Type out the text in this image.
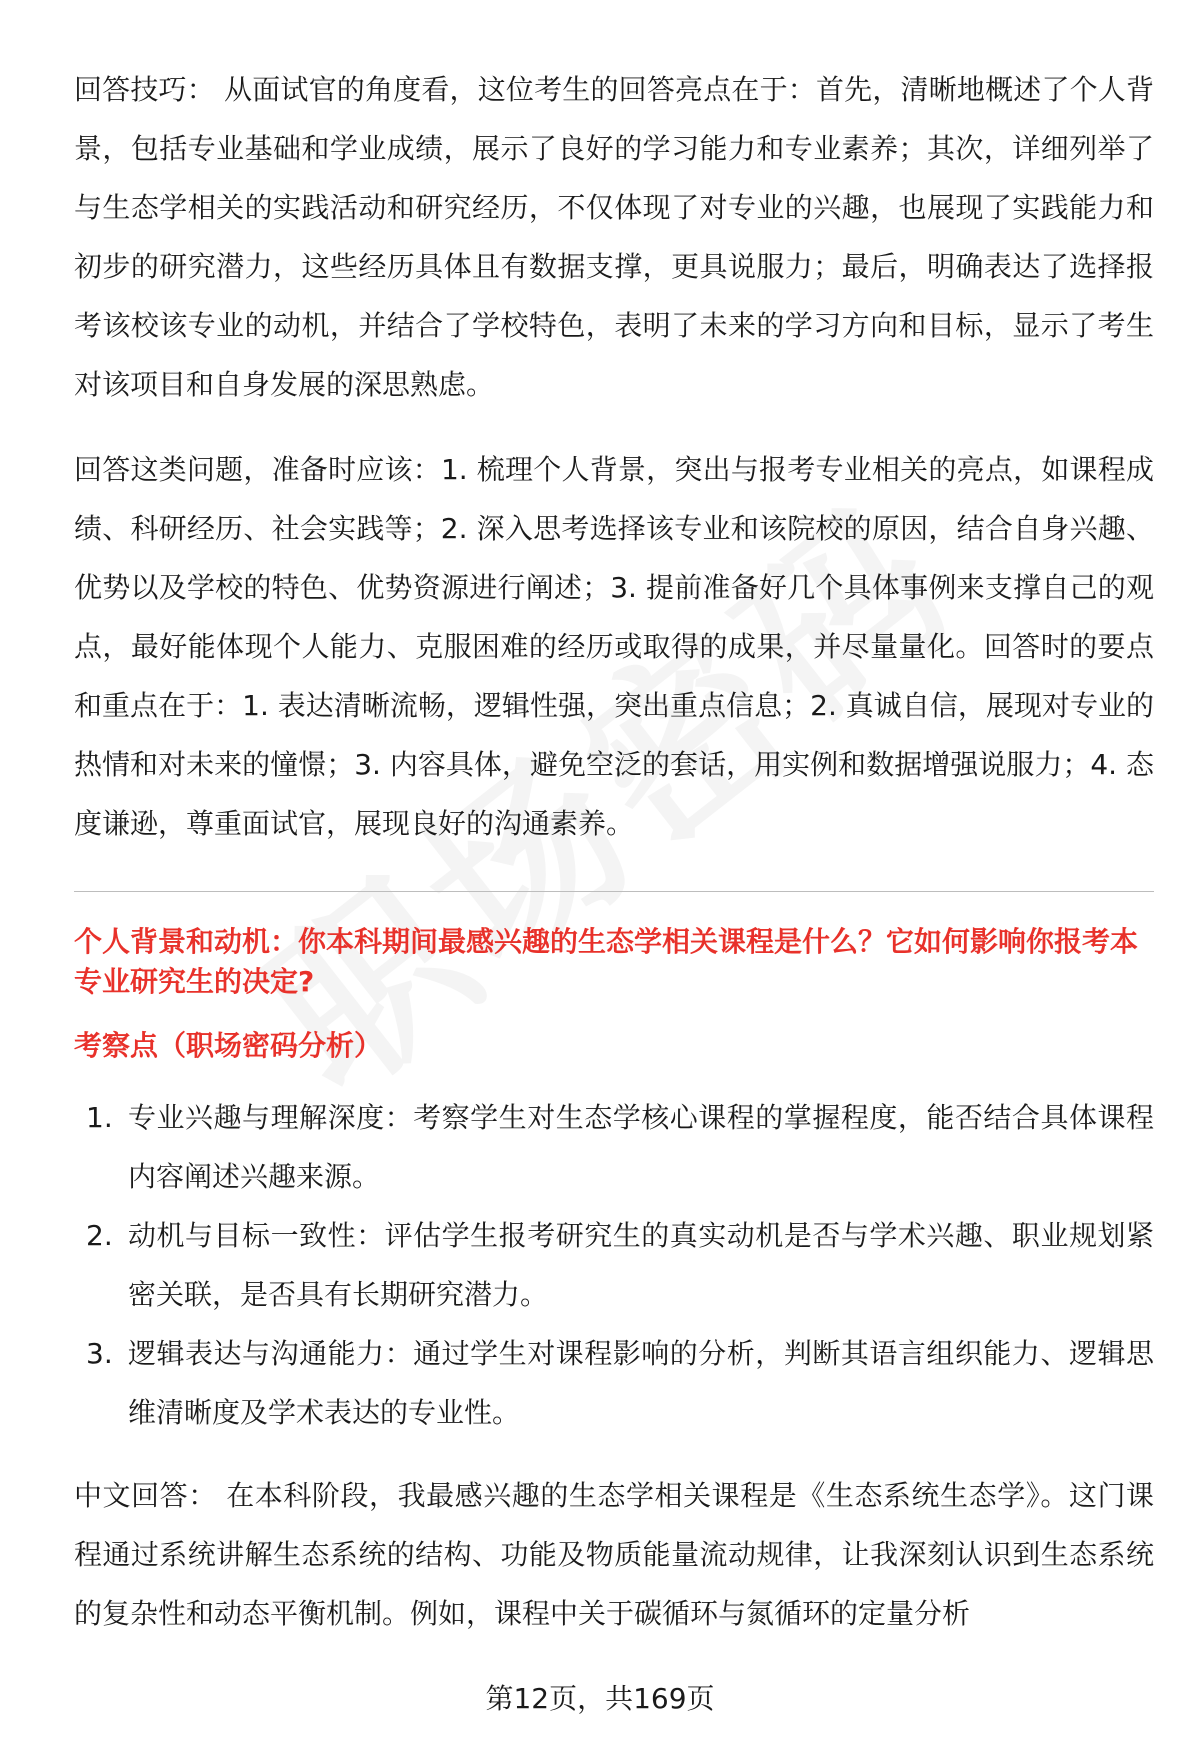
回答技巧： 从面试官的角度看，这位考生的回答亮点在于：首先，清晰地概述了个人背景，包括专业基础和学业成绩，展示了良好的学习能力和专业素养；其次，详细列举了与生态学相关的实践活动和研究经历，不仅体现了对专业的兴趣，也展现了实践能力和初步的研究潜力，这些经历具体且有数据支撑，更具说服力；最后，明确表达了选择报考该校该专业的动机，并结合了学校特色，表明了未来的学习方向和目标，显示了考生对该项目和自身发展的深思熟虑。

回答这类问题，准备时应该：1. 梳理个人背景，突出与报考专业相关的亮点，如课程成绩、科研经历、社会实践等；2. 深入思考选择该专业和该院校的原因，结合自身兴趣、优势以及学校的特色、优势资源进行阐述；3. 提前准备好几个具体事例来支撑自己的观点，最好能体现个人能力、克服困难的经历或取得的成果，并尽量量化。回答时的要点和重点在于：1. 表达清晰流畅，逻辑性强，突出重点信息；2. 真诚自信，展现对专业的热情和对未来的憧憬；3. 内容具体，避免空泛的套话，用实例和数据增强说服力；4. 态度谦逊，尊重面试官，展现良好的沟通素养。

个人背景和动机：你本科期间最感兴趣的生态学相关课程是什么？它如何影响你报考本专业研究生的决定?

考察点（职场密码分析）

1. 专业兴趣与理解深度：考察学生对生态学核心课程的掌握程度，能否结合具体课程内容阐述兴趣来源。
2. 动机与目标一致性：评估学生报考研究生的真实动机是否与学术兴趣、职业规划紧密关联，是否具有长期研究潜力。
3. 逻辑表达与沟通能力：通过学生对课程影响的分析，判断其语言组织能力、逻辑思维清晰度及学术表达的专业性。

中文回答： 在本科阶段，我最感兴趣的生态学相关课程是《生态系统生态学》。这门课程通过系统讲解生态系统的结构、功能及物质能量流动规律，让我深刻认识到生态系统的复杂性和动态平衡机制。例如，课程中关于碳循环与氮循环的定量分析

第12页，共169页
